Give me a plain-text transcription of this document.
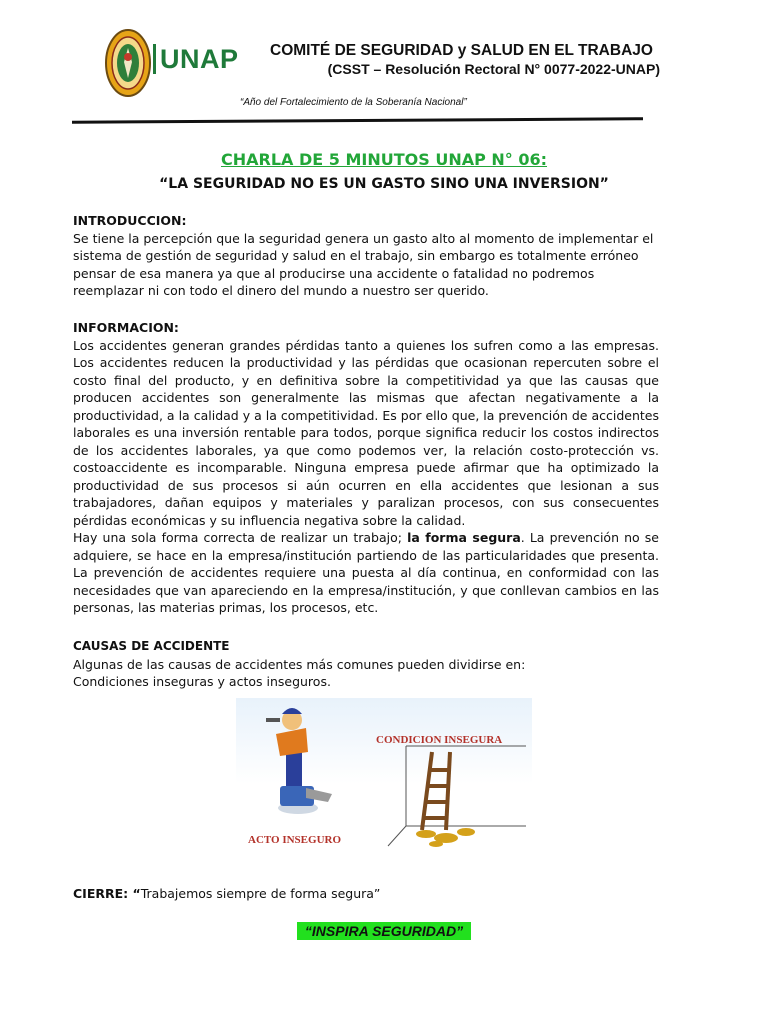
UNAP COMITÉ DE SEGURIDAD y SALUD EN EL TRABAJO
(CSST – Resolución Rectoral N° 0077-2022-UNAP)
“Año del Fortalecimiento de la Soberanía Nacional”
CHARLA DE 5 MINUTOS UNAP N° 06:
“LA SEGURIDAD NO ES UN GASTO SINO UNA INVERSION”
INTRODUCCION:

Se tiene la percepción que la seguridad genera un gasto alto al momento de implementar el sistema de gestión de seguridad y salud en el trabajo, sin embargo es totalmente erróneo pensar de esa manera ya que al producirse una accidente o fatalidad no podremos reemplazar ni con todo el dinero del mundo a nuestro ser querido.

INFORMACION:

Los accidentes generan grandes pérdidas tanto a quienes los sufren como a las empresas. Los accidentes reducen la productividad y las pérdidas que ocasionan repercuten sobre el costo final del producto, y en definitiva sobre la competitividad ya que las causas que producen accidentes son generalmente las mismas que afectan negativamente a la productividad, a la calidad y a la competitividad. Es por ello que, la prevención de accidentes laborales es una inversión rentable para todos, porque significa reducir los costos indirectos de los accidentes laborales, ya que como podemos ver, la relación costo-protección vs. costoaccidente es incomparable. Ninguna empresa puede afirmar que ha optimizado la productividad de sus procesos si aún ocurren en ella accidentes que lesionan a sus trabajadores, dañan equipos y materiales y paralizan procesos, con sus consecuentes pérdidas económicas y su influencia negativa sobre la calidad.

Hay una sola forma correcta de realizar un trabajo; la forma segura. La prevención no se adquiere, se hace en la empresa/institución partiendo de las particularidades que presenta. La prevención de accidentes requiere una puesta al día continua, en conformidad con las necesidades que van apareciendo en la empresa/institución, y que conllevan cambios en las personas, las materias primas, los procesos, etc.

CAUSAS DE ACCIDENTE

Algunas de las causas de accidentes más comunes pueden dividirse en:

Condiciones inseguras y actos inseguros.

CONDICION INSEGURA
ACTO INSEGURO
CIERRE: “Trabajemos siempre de forma segura”
“INSPIRA SEGURIDAD”
